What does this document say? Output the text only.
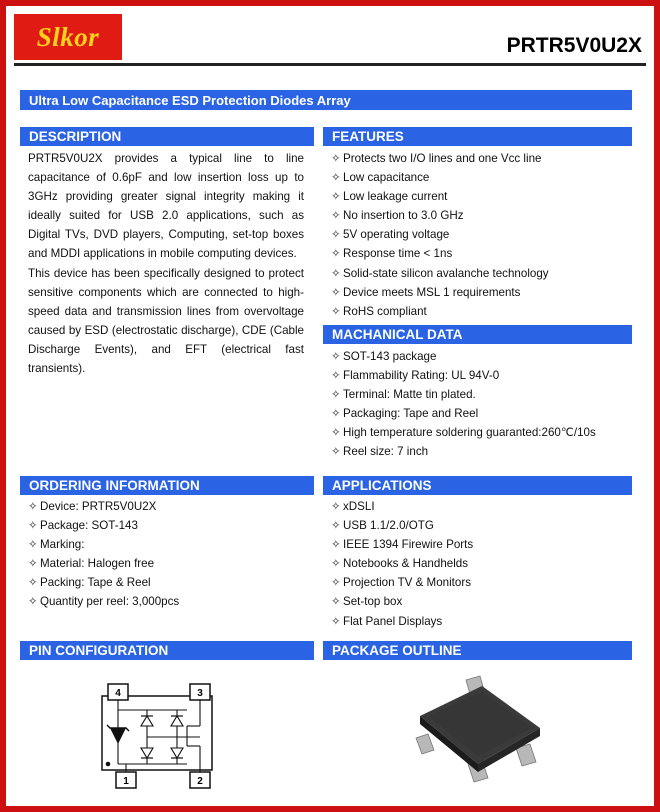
Slkor	PRTR5V0U2X
Ultra Low Capacitance ESD Protection Diodes Array
DESCRIPTION

PRTR5V0U2X provides a typical line to line capacitance of 0.6pF and low insertion loss up to 3GHz providing greater signal integrity making it ideally suited for USB 2.0 applications, such as Digital TVs, DVD players, Computing, set-top boxes and MDDI applications in mobile computing devices.

This device has been specifically designed to protect sensitive components which are connected to high-speed data and transmission lines from overvoltage caused by ESD (electrostatic discharge), CDE (Cable Discharge Events), and EFT (electrical fast transients).

FEATURES
✧ Protects two I/O lines and one Vcc line
✧ Low capacitance
✧ Low leakage current
✧ No insertion to 3.0 GHz
✧ 5V operating voltage
✧ Response time < 1ns
✧ Solid-state silicon avalanche technology
✧ Device meets MSL 1 requirements
✧ RoHS compliant
MACHANICAL DATA
✧ SOT-143 package
✧ Flammability Rating: UL 94V-0
✧ Terminal: Matte tin plated.
✧ Packaging: Tape and Reel
✧ High temperature soldering guaranted:260℃/10s
✧ Reel size: 7 inch
ORDERING INFORMATION
✧ Device: PRTR5V0U2X
✧ Package: SOT-143
✧ Marking:
✧ Material: Halogen free
✧ Packing: Tape & Reel
✧ Quantity per reel: 3,000pcs
APPLICATIONS
✧ xDSLI
✧ USB 1.1/2.0/OTG
✧ IEEE 1394 Firewire Ports
✧ Notebooks & Handhelds
✧ Projection TV & Monitors
✧ Set-top box
✧ Flat Panel Displays
PIN CONFIGURATION
4	3
1	2
PACKAGE OUTLINE
